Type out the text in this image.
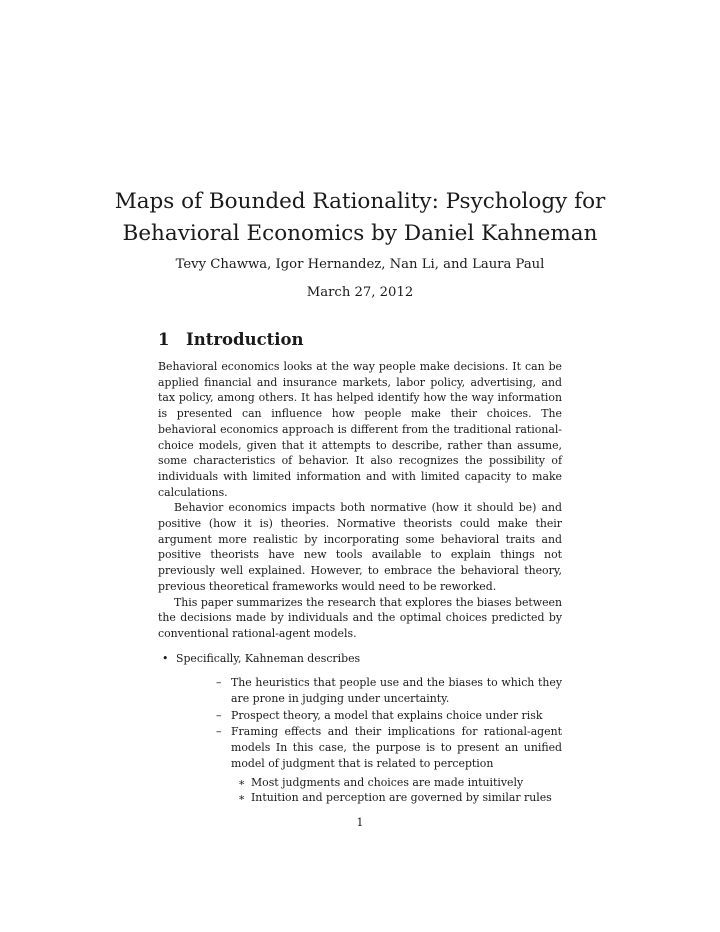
Maps of Bounded Rationality: Psychology for
Behavioral Economics by Daniel Kahneman
Tevy Chawwa, Igor Hernandez, Nan Li, and Laura Paul
March 27, 2012
1 Introduction

Behavioral economics looks at the way people make decisions. It can be applied financial and insurance markets, labor policy, advertising, and tax policy, among others. It has helped identify how the way information is presented can influence how people make their choices. The behavioral economics approach is different from the traditional rational-choice models, given that it attempts to describe, rather than assume, some characteristics of behavior. It also recognizes the possibility of individuals with limited information and with limited capacity to make calculations.

Behavior economics impacts both normative (how it should be) and positive (how it is) theories. Normative theorists could make their argument more realistic by incorporating some behavioral traits and positive theorists have new tools available to explain things not previously well explained. However, to embrace the behavioral theory, previous theoretical frameworks would need to be reworked.

This paper summarizes the research that explores the biases between the decisions made by individuals and the optimal choices predicted by conventional rational-agent models.

• Specifically, Kahneman describes
– The heuristics that people use and the biases to which they are prone in judging under uncertainty.
– Prospect theory, a model that explains choice under risk
– Framing effects and their implications for rational-agent models In this case, the purpose is to present an unified model of judgment that is related to perception
∗ Most judgments and choices are made intuitively
∗ Intuition and perception are governed by similar rules
1
